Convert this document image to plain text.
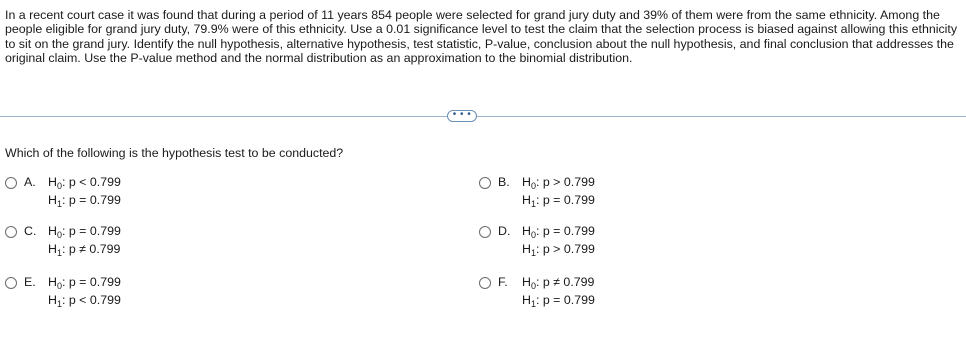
In a recent court case it was found that during a period of 11 years 854 people were selected for grand jury duty and 39% of them were from the same ethnicity. Among the people eligible for grand jury duty, 79.9% were of this ethnicity. Use a 0.01 significance level to test the claim that the selection process is biased against allowing this ethnicity to sit on the grand jury. Identify the null hypothesis, alternative hypothesis, test statistic, P-value, conclusion about the null hypothesis, and final conclusion that addresses the original claim. Use the P-value method and the normal distribution as an approximation to the binomial distribution.

• • •

Which of the following is the hypothesis test to be conducted?

A. $H_0$: p < 0.799
$H_1$: p = 0.799
B. $H_0$: p > 0.799
$H_1$: p = 0.799
C. $H_0$: p = 0.799
$H_1$: p ≠ 0.799
D. $H_0$: p = 0.799
$H_1$: p > 0.799
E. $H_0$: p = 0.799
$H_1$: p < 0.799
F. $H_0$: p ≠ 0.799
$H_1$: p = 0.799
